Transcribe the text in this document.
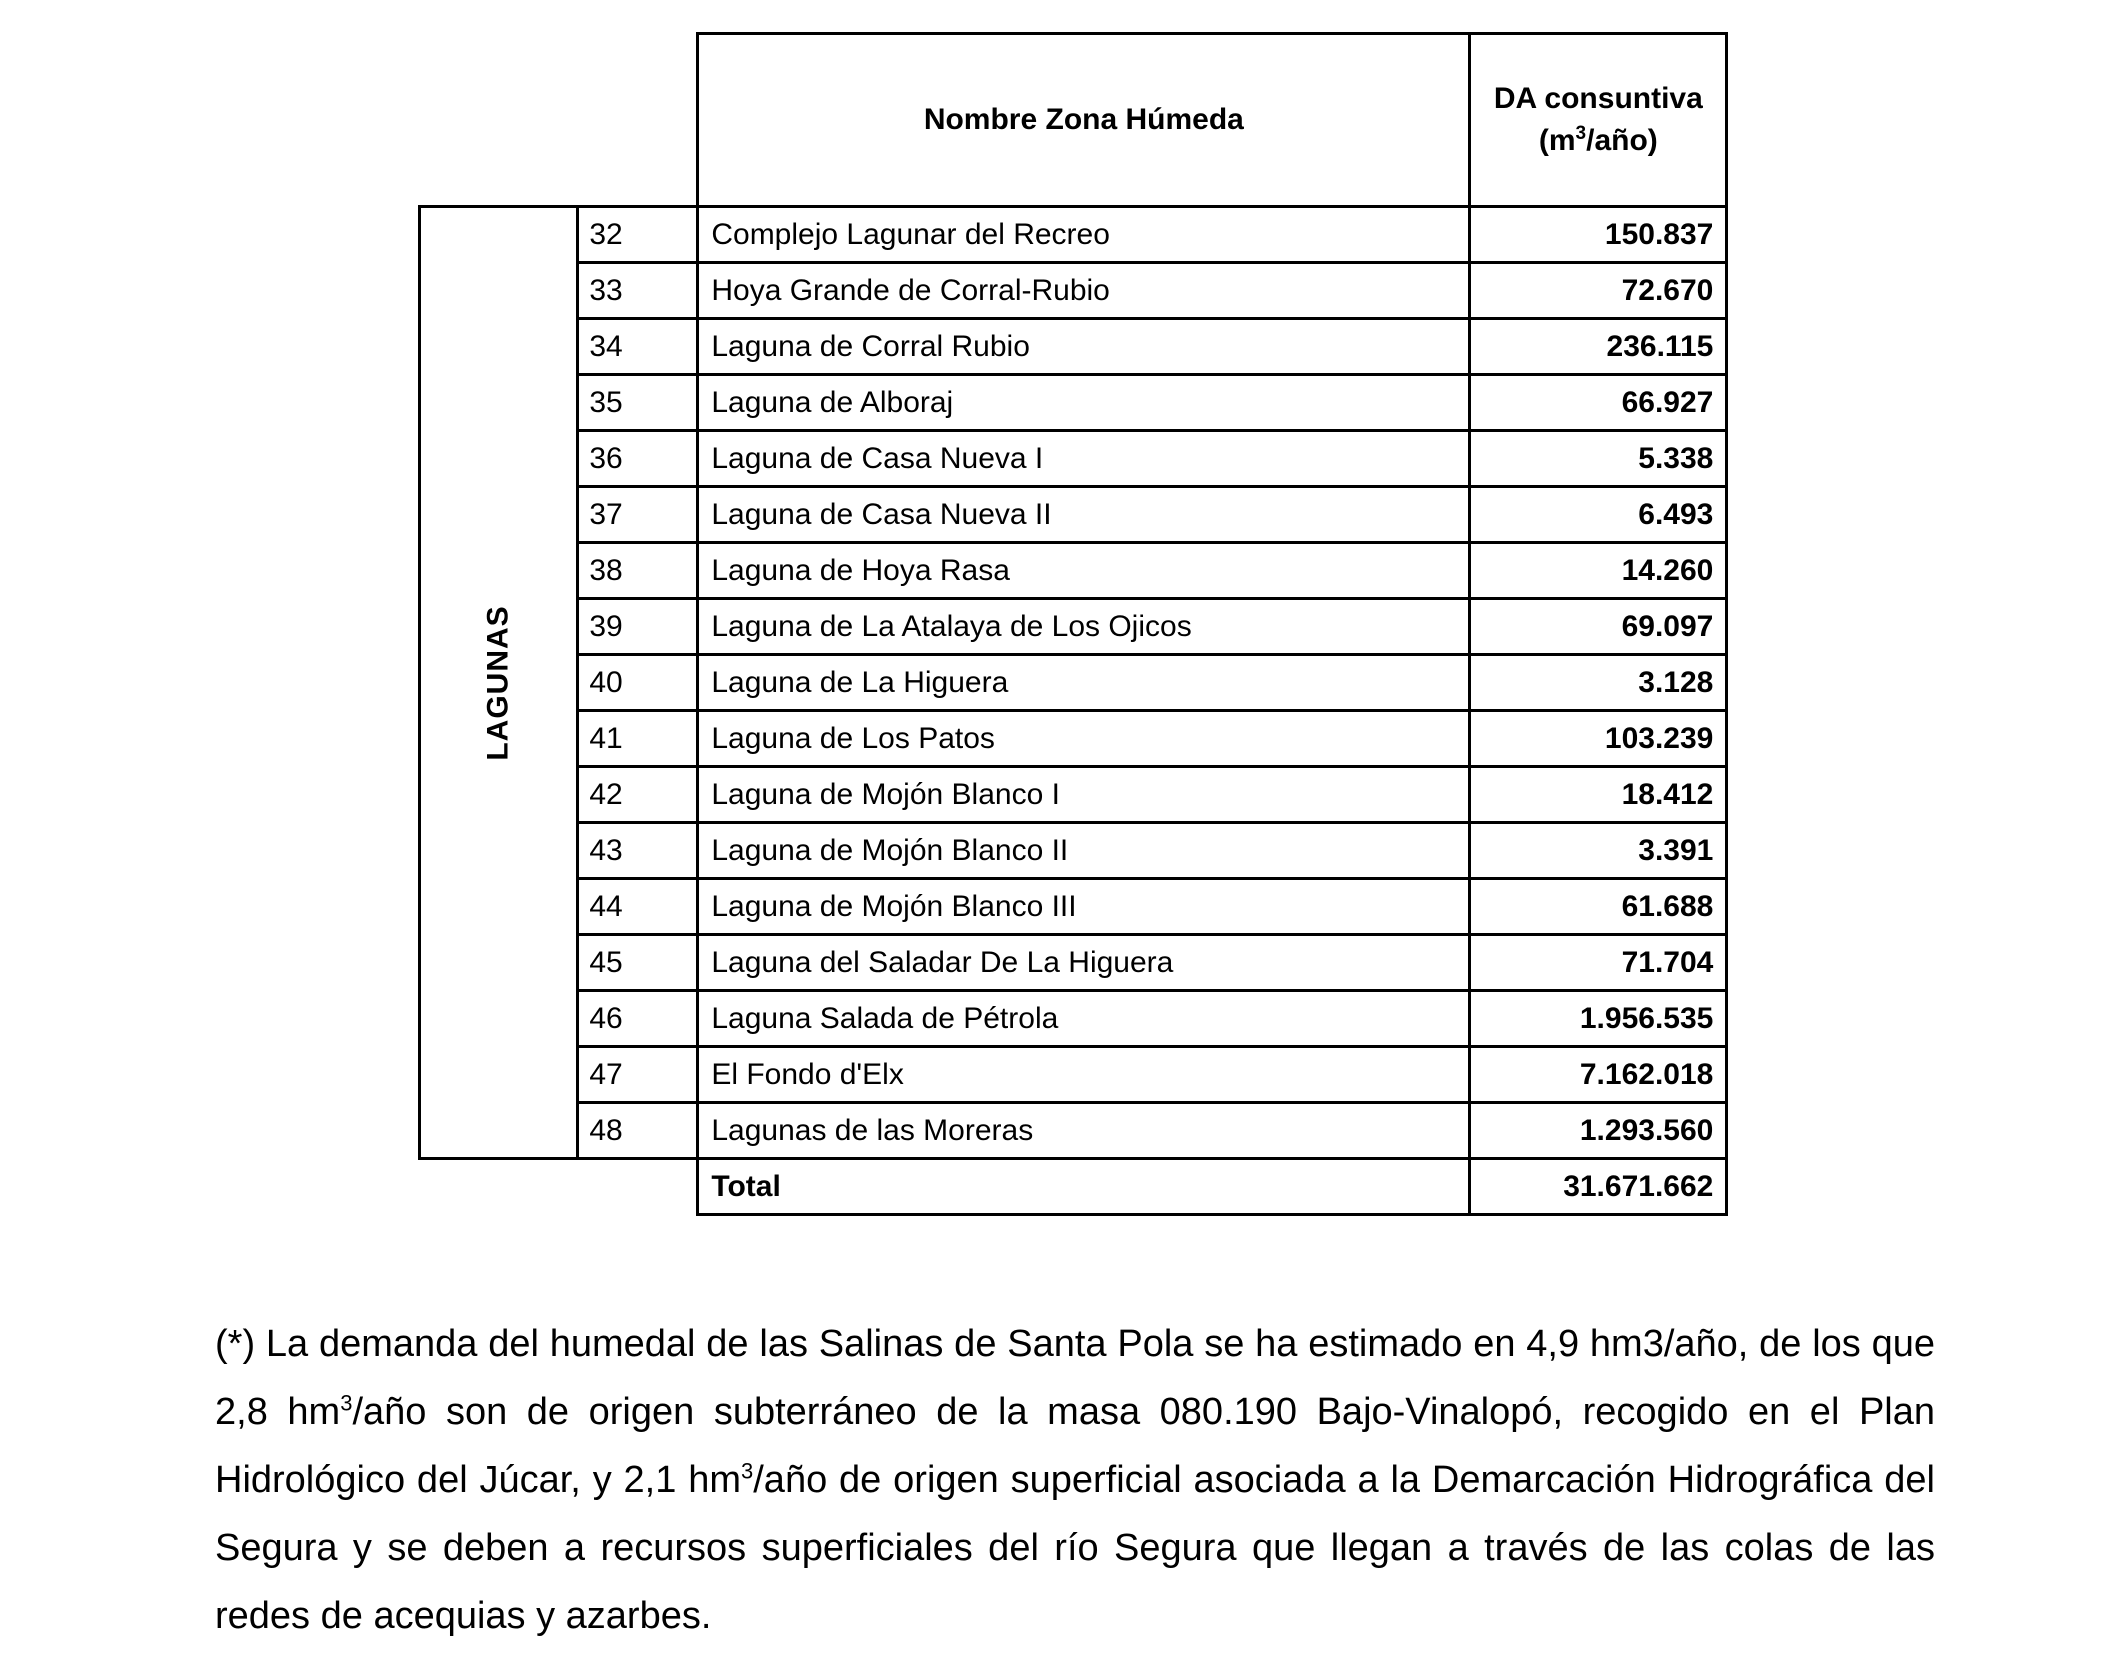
		Nombre Zona Húmeda	DA consuntiva
$(m^3/año)$
LAGUNAS	32	Complejo Lagunar del Recreo	150.837
	33	Hoya Grande de Corral-Rubio	72.670
	34	Laguna de Corral Rubio	236.115
	35	Laguna de Alboraj	66.927
	36	Laguna de Casa Nueva I	5.338
	37	Laguna de Casa Nueva II	6.493
	38	Laguna de Hoya Rasa	14.260
	39	Laguna de La Atalaya de Los Ojicos	69.097
	40	Laguna de La Higuera	3.128
	41	Laguna de Los Patos	103.239
	42	Laguna de Mojón Blanco I	18.412
	43	Laguna de Mojón Blanco II	3.391
	44	Laguna de Mojón Blanco III	61.688
	45	Laguna del Saladar De La Higuera	71.704
	46	Laguna Salada de Pétrola	1.956.535
	47	El Fondo d'Elx	7.162.018
	48	Lagunas de las Moreras	1.293.560
		Total	31.671.662

(*) La demanda del humedal de las Salinas de Santa Pola se ha estimado en 4,9 hm3/año, de los que 2,8 $hm^3$/año son de origen subterráneo de la masa 080.190 Bajo-Vinalopó, recogido en el Plan Hidrológico del Júcar, y 2,1 $hm^3$/año de origen superficial asociada a la Demarcación Hidrográfica del Segura y se deben a recursos superficiales del río Segura que llegan a través de las colas de las redes de acequias y azarbes.
